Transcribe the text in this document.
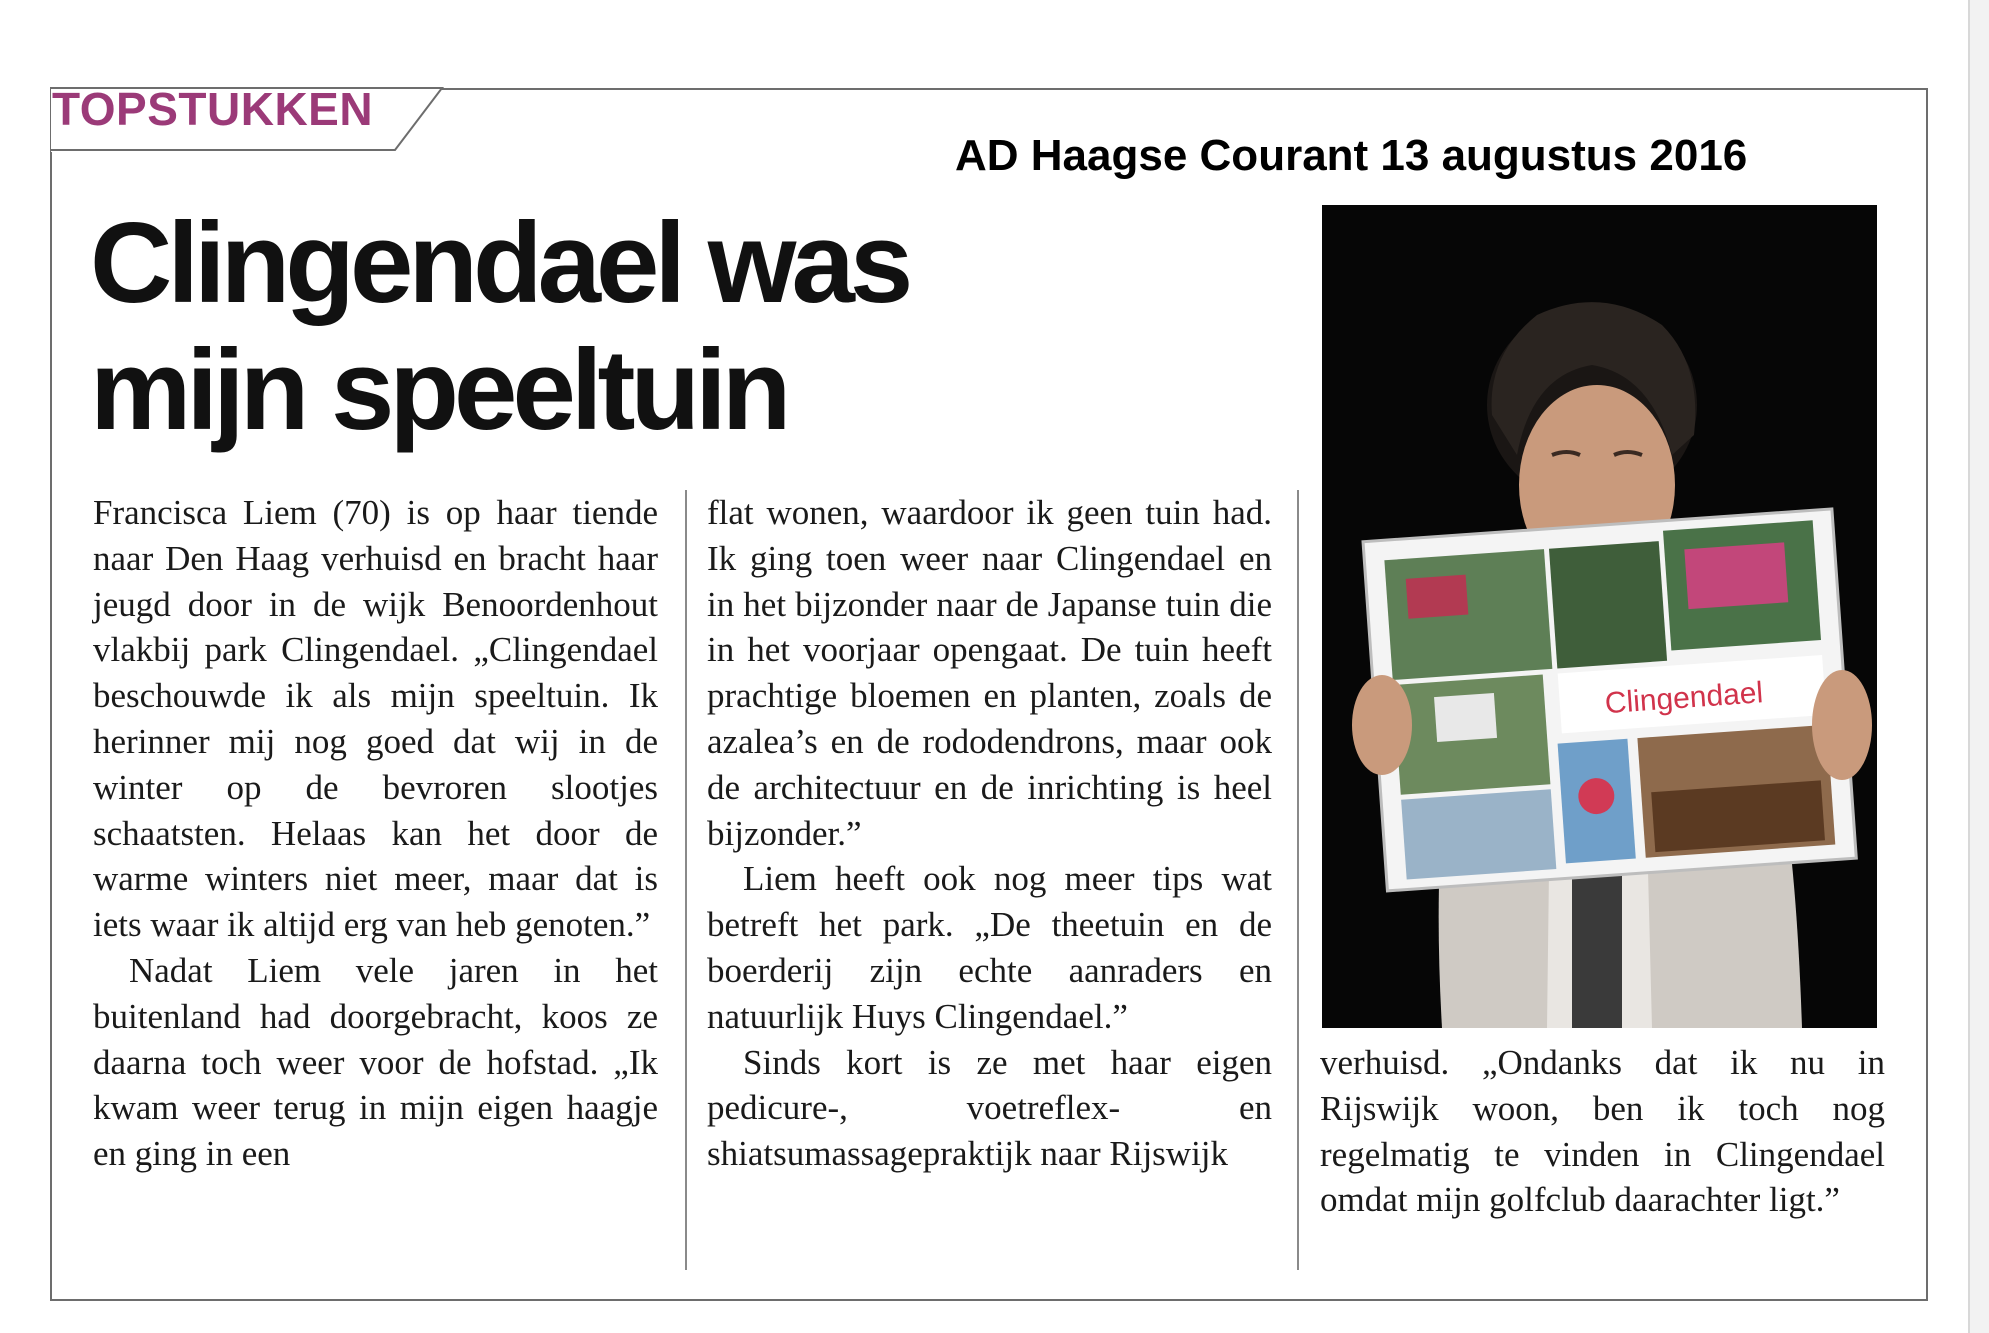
TOPSTUKKEN
AD Haagse Courant 13 augustus 2016
Clingendael was
mijn speeltuin

Francisca Liem (70) is op haar tiende naar Den Haag verhuisd en bracht haar jeugd door in de wijk Benoordenhout vlakbij park Clingendael. „Clingendael beschouwde ik als mijn speeltuin. Ik herinner mij nog goed dat wij in de winter op de bevroren slootjes schaatsten. Helaas kan het door de warme winters niet meer, maar dat is iets waar ik altijd erg van heb genoten.”

Nadat Liem vele jaren in het buitenland had doorgebracht, koos ze daarna toch weer voor de hofstad. „Ik kwam weer terug in mijn eigen haagje en ging in een

flat wonen, waardoor ik geen tuin had. Ik ging toen weer naar Clingendael en in het bijzonder naar de Japanse tuin die in het voorjaar opengaat. De tuin heeft prachtige bloemen en planten, zoals de azalea’s en de rododendrons, maar ook de architectuur en de inrichting is heel bijzonder.”

Liem heeft ook nog meer tips wat betreft het park. „De theetuin en de boerderij zijn echte aanraders en natuurlijk Huys Clingendael.”

Sinds kort is ze met haar eigen pedicure-, voetreflex- en shiatsumassagepraktijk naar Rijswijk

verhuisd. „Ondanks dat ik nu in Rijswijk woon, ben ik toch nog regelmatig te vinden in Clingendael omdat mijn golfclub daarachter ligt.”

Clingendael
